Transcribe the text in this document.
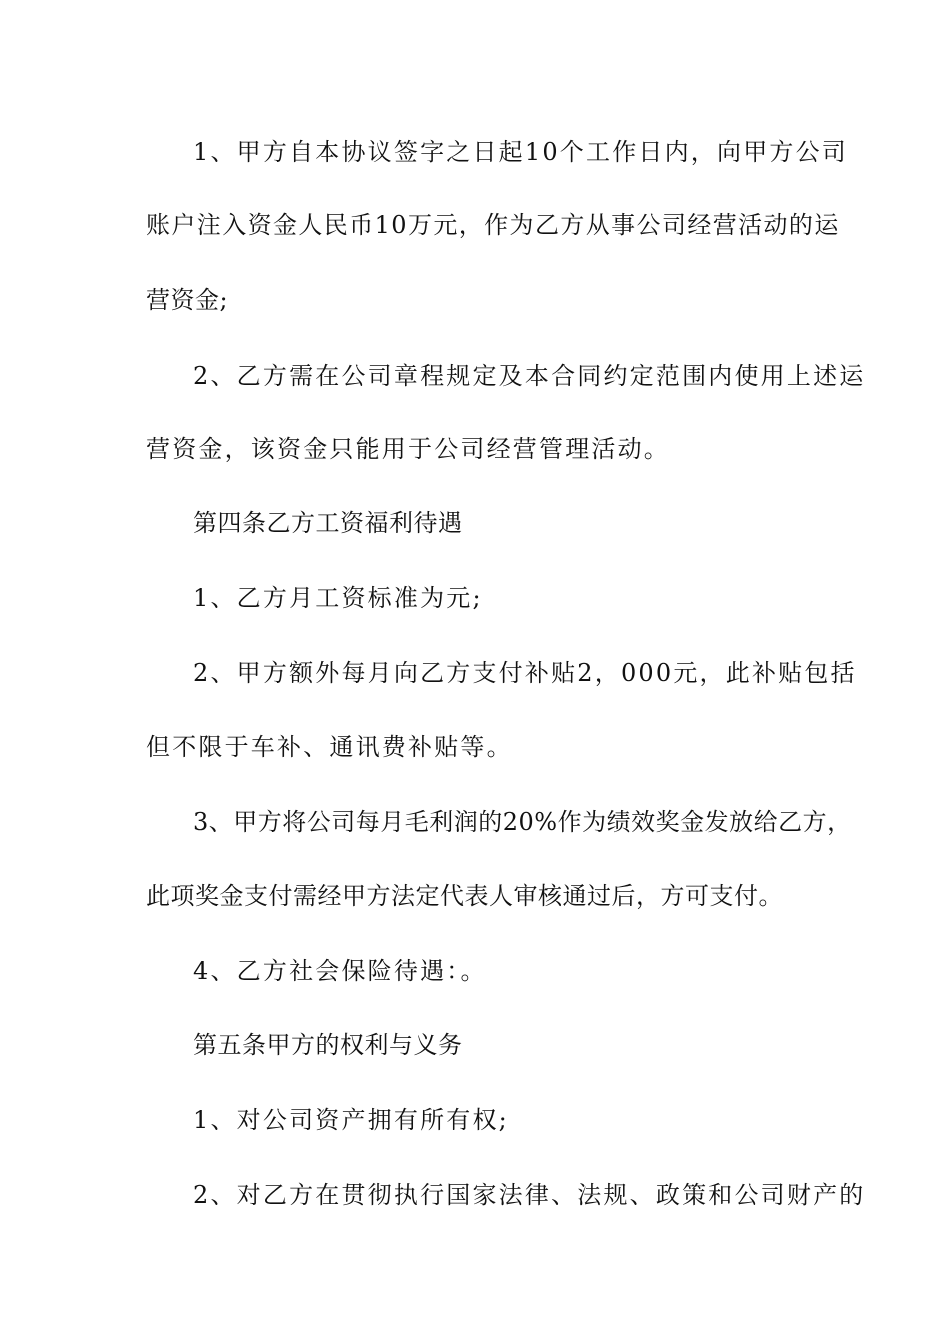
1、甲方自本协议签字之日起10个工作日内，向甲方公司
账户注入资金人民币10万元，作为乙方从事公司经营活动的运
营资金;
2、乙方需在公司章程规定及本合同约定范围内使用上述运
营资金，该资金只能用于公司经营管理活动。
第四条乙方工资福利待遇
1、乙方月工资标准为元;
2、甲方额外每月向乙方支付补贴2，000元，此补贴包括
但不限于车补、通讯费补贴等。
3、甲方将公司每月毛利润的20%作为绩效奖金发放给乙方，
此项奖金支付需经甲方法定代表人审核通过后，方可支付。
4、乙方社会保险待遇：。
第五条甲方的权利与义务
1、对公司资产拥有所有权;
2、对乙方在贯彻执行国家法律、法规、政策和公司财产的
